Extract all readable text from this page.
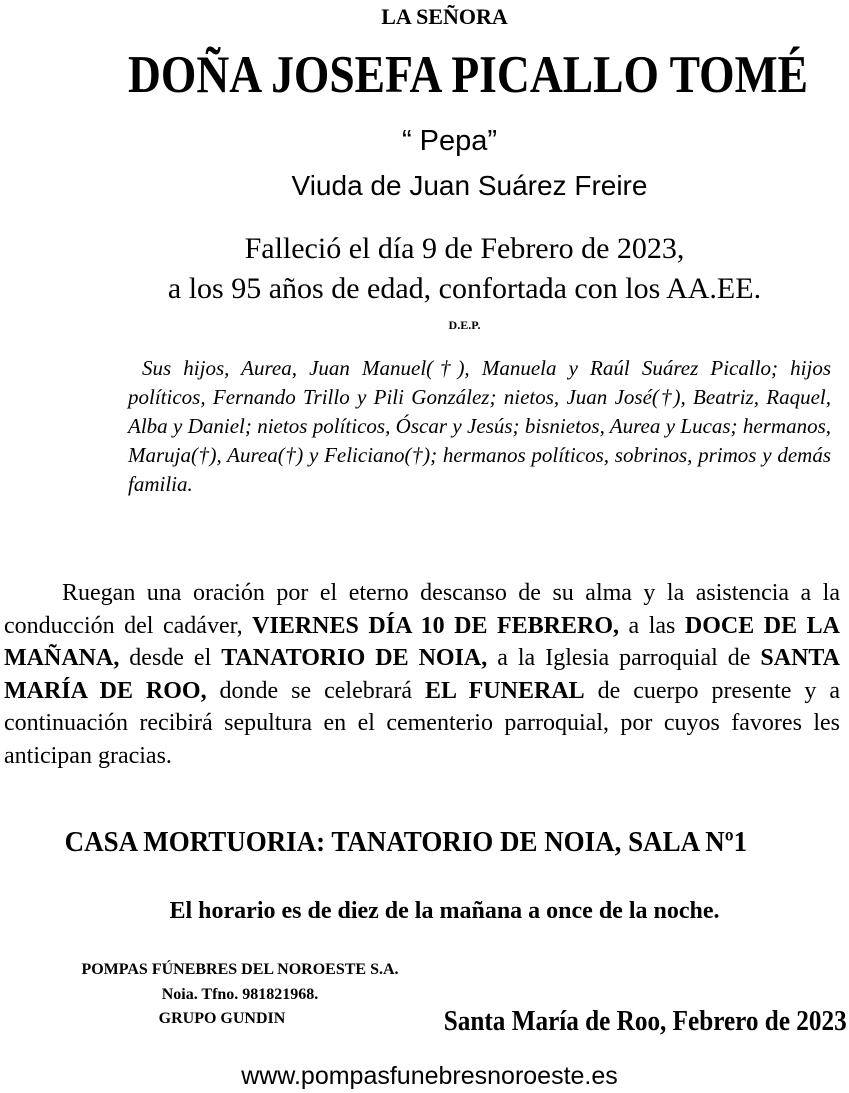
LA SEÑORA
DOÑA JOSEFA PICALLO TOMÉ
“ Pepa”
Viuda de Juan Suárez Freire
Falleció el día 9 de Febrero de 2023,
a los 95 años de edad, confortada con los AA.EE.
D.E.P.
Sus hijos, Aurea, Juan Manuel(†), Manuela y Raúl Suárez Picallo; hijos políticos, Fernando Trillo y Pili González; nietos, Juan José(†), Beatriz, Raquel, Alba y Daniel; nietos políticos, Óscar y Jesús; bisnietos, Aurea y Lucas; hermanos, Maruja(†), Aurea(†) y Feliciano(†); hermanos políticos, sobrinos, primos y demás familia.
Ruegan una oración por el eterno descanso de su alma y la asistencia a la conducción del cadáver, VIERNES DÍA 10 DE FEBRERO, a las DOCE DE LA MAÑANA, desde el TANATORIO DE NOIA, a la Iglesia parroquial de SANTA MARÍA DE ROO, donde se celebrará EL FUNERAL de cuerpo presente y a continuación recibirá sepultura en el cementerio parroquial, por cuyos favores les anticipan gracias.
CASA MORTUORIA: TANATORIO DE NOIA, SALA Nº1
El horario es de diez de la mañana a once de la noche.
POMPAS FÚNEBRES DEL NOROESTE S.A.
Noia. Tfno. 981821968.
GRUPO GUNDIN	Santa María de Roo, Febrero de 2023
www.pompasfunebresnoroeste.es
